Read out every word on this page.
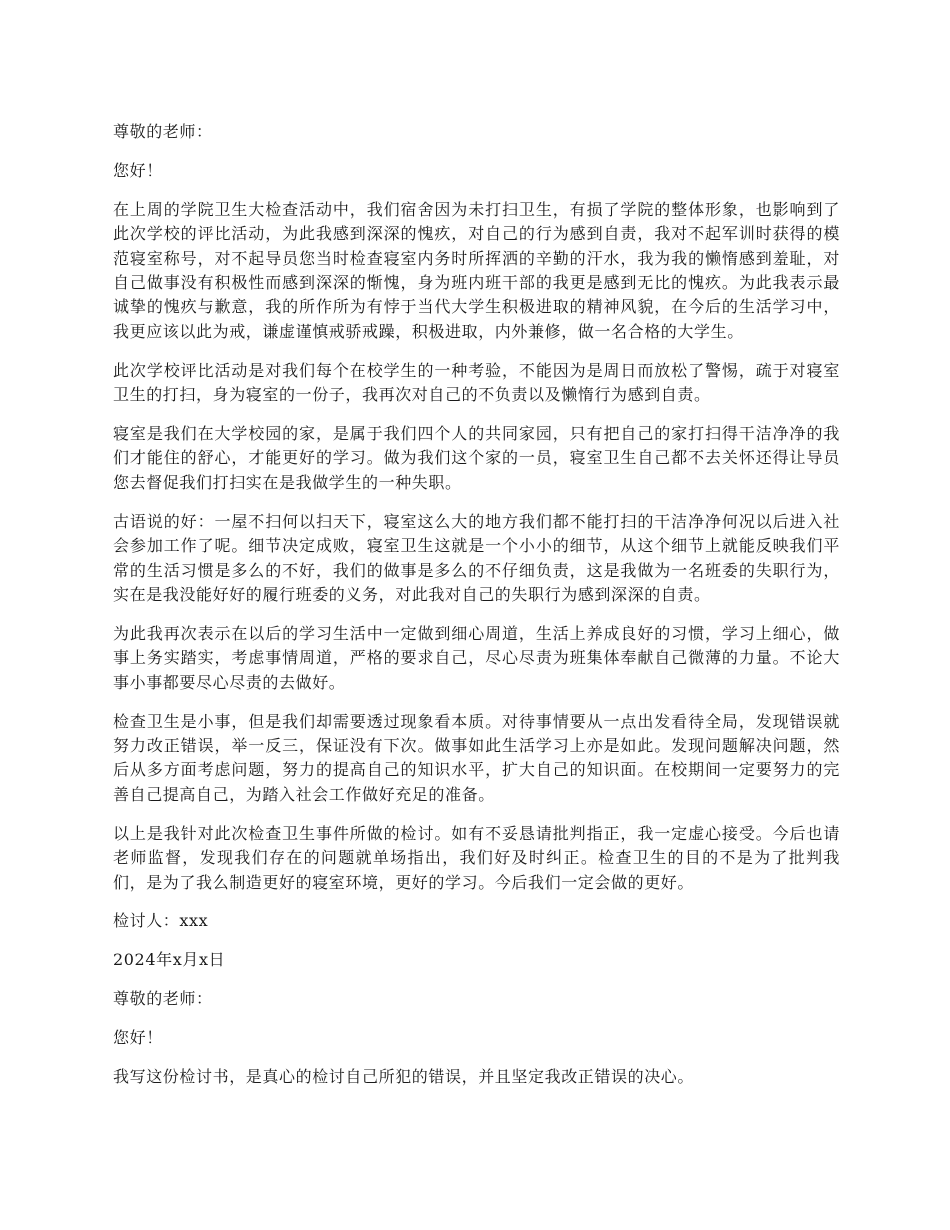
尊敬的老师：

您好！

在上周的学院卫生大检查活动中，我们宿舍因为未打扫卫生，有损了学院的整体形象，也影响到了此次学校的评比活动，为此我感到深深的愧疚，对自己的行为感到自责，我对不起军训时获得的模范寝室称号，对不起导员您当时检查寝室内务时所挥洒的辛勤的汗水，我为我的懒惰感到羞耻，对自己做事没有积极性而感到深深的惭愧，身为班内班干部的我更是感到无比的愧疚。为此我表示最诚挚的愧疚与歉意，我的所作所为有悖于当代大学生积极进取的精神风貌，在今后的生活学习中，我更应该以此为戒，谦虚谨慎戒骄戒躁，积极进取，内外兼修，做一名合格的大学生。

此次学校评比活动是对我们每个在校学生的一种考验，不能因为是周日而放松了警惕，疏于对寝室卫生的打扫，身为寝室的一份子，我再次对自己的不负责以及懒惰行为感到自责。

寝室是我们在大学校园的家，是属于我们四个人的共同家园，只有把自己的家打扫得干洁净净的我们才能住的舒心，才能更好的学习。做为我们这个家的一员，寝室卫生自己都不去关怀还得让导员您去督促我们打扫实在是我做学生的一种失职。

古语说的好：一屋不扫何以扫天下，寝室这么大的地方我们都不能打扫的干洁净净何况以后进入社会参加工作了呢。细节决定成败，寝室卫生这就是一个小小的细节，从这个细节上就能反映我们平常的生活习惯是多么的不好，我们的做事是多么的不仔细负责，这是我做为一名班委的失职行为，实在是我没能好好的履行班委的义务，对此我对自己的失职行为感到深深的自责。

为此我再次表示在以后的学习生活中一定做到细心周道，生活上养成良好的习惯，学习上细心，做事上务实踏实，考虑事情周道，严格的要求自己，尽心尽责为班集体奉献自己微薄的力量。不论大事小事都要尽心尽责的去做好。

检查卫生是小事，但是我们却需要透过现象看本质。对待事情要从一点出发看待全局，发现错误就努力改正错误，举一反三，保证没有下次。做事如此生活学习上亦是如此。发现问题解决问题，然后从多方面考虑问题，努力的提高自己的知识水平，扩大自己的知识面。在校期间一定要努力的完善自己提高自己，为踏入社会工作做好充足的准备。

以上是我针对此次检查卫生事件所做的检讨。如有不妥恳请批判指正，我一定虚心接受。今后也请老师监督，发现我们存在的问题就单场指出，我们好及时纠正。检查卫生的目的不是为了批判我们，是为了我么制造更好的寝室环境，更好的学习。今后我们一定会做的更好。

检讨人：xxx

2024年x月x日

尊敬的老师：

您好！

我写这份检讨书，是真心的检讨自己所犯的错误，并且坚定我改正错误的决心。
